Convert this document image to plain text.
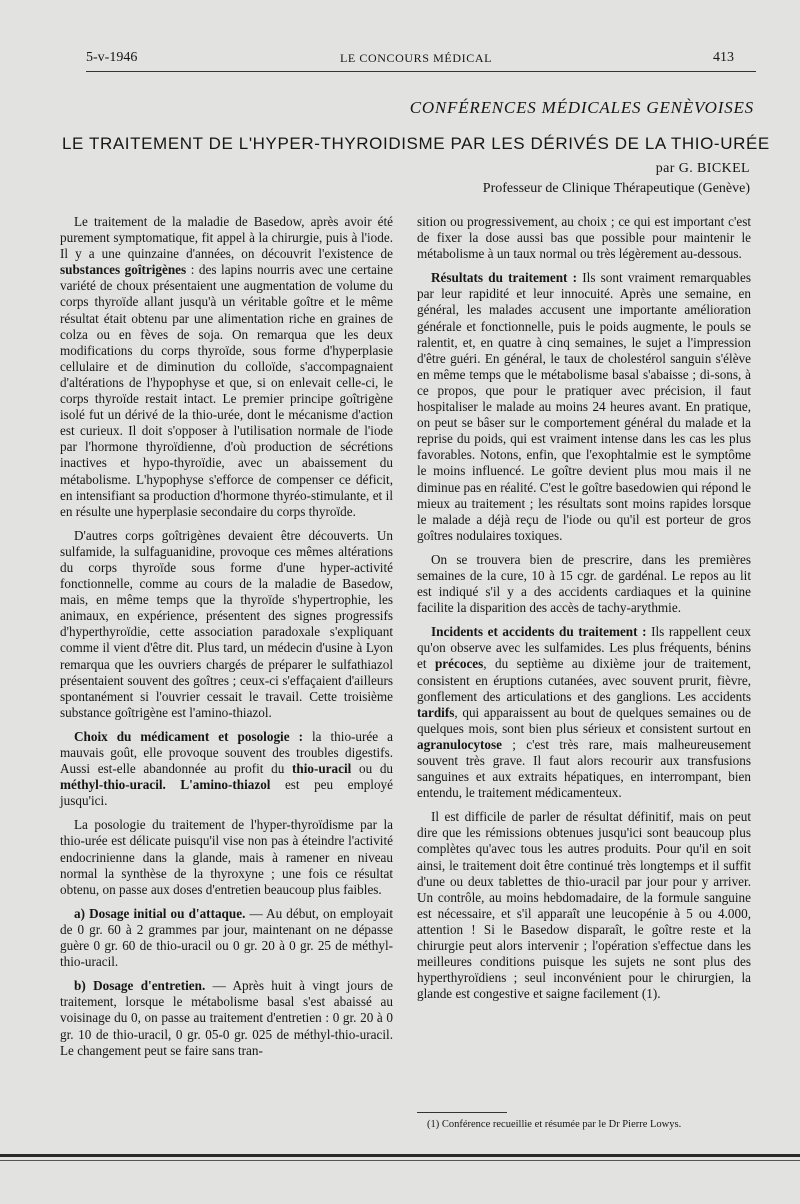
5-v-1946	LE CONCOURS MÉDICAL	413
CONFÉRENCES MÉDICALES GENÈVOISES
LE TRAITEMENT DE L'HYPER-THYROIDISME PAR LES DÉRIVÉS DE LA THIO-URÉE
par G. BICKEL
Professeur de Clinique Thérapeutique (Genève)

Le traitement de la maladie de Basedow, après avoir été purement symptomatique, fit appel à la chirurgie, puis à l'iode. Il y a une quinzaine d'années, on découvrit l'existence de substances goîtrigènes : des lapins nourris avec une certaine variété de choux présentaient une augmentation de volume du corps thyroïde allant jusqu'à un véritable goître et le même résultat était obtenu par une alimentation riche en graines de colza ou en fèves de soja. On remarqua que les deux modifications du corps thyroïde, sous forme d'hyperplasie cellulaire et de diminution du colloïde, s'accompagnaient d'altérations de l'hypophyse et que, si on enlevait celle-ci, le corps thyroïde restait intact. Le premier principe goîtrigène isolé fut un dérivé de la thio-urée, dont le mécanisme d'action est curieux. Il doit s'opposer à l'utilisation normale de l'iode par l'hormone thyroïdienne, d'où production de sécrétions inactives et hypo-thyroïdie, avec un abaissement du métabolisme. L'hypophyse s'efforce de compenser ce déficit, en intensifiant sa production d'hormone thyréo-stimulante, et il en résulte une hyperplasie secondaire du corps thyroïde.

D'autres corps goîtrigènes devaient être découverts. Un sulfamide, la sulfaguanidine, provoque ces mêmes altérations du corps thyroïde sous forme d'une hyper-activité fonctionnelle, comme au cours de la maladie de Basedow, mais, en même temps que la thyroïde s'hypertrophie, les animaux, en expérience, présentent des signes progressifs d'hyperthyroïdie, cette association paradoxale s'expliquant comme il vient d'être dit. Plus tard, un médecin d'usine à Lyon remarqua que les ouvriers chargés de préparer le sulfathiazol présentaient souvent des goîtres ; ceux-ci s'effaçaient d'ailleurs spontanément si l'ouvrier cessait le travail. Cette troisième substance goîtrigène est l'amino-thiazol.

Choix du médicament et posologie : la thio-urée a mauvais goût, elle provoque souvent des troubles digestifs. Aussi est-elle abandonnée au profit du thio-uracil ou du méthyl-thio-uracil. L'amino-thiazol est peu employé jusqu'ici.

La posologie du traitement de l'hyper-thyroïdisme par la thio-urée est délicate puisqu'il vise non pas à éteindre l'activité endocrinienne dans la glande, mais à ramener en niveau normal la synthèse de la thyroxyne ; une fois ce résultat obtenu, on passe aux doses d'entretien beaucoup plus faibles.

a) Dosage initial ou d'attaque. — Au début, on employait de 0 gr. 60 à 2 grammes par jour, maintenant on ne dépasse guère 0 gr. 60 de thio-uracil ou 0 gr. 20 à 0 gr. 25 de méthyl-thio-uracil.

b) Dosage d'entretien. — Après huit à vingt jours de traitement, lorsque le métabolisme basal s'est abaissé au voisinage du 0, on passe au traitement d'entretien : 0 gr. 20 à 0 gr. 10 de thio-uracil, 0 gr. 05-0 gr. 025 de méthyl-thio-uracil. Le changement peut se faire sans tran-

sition ou progressivement, au choix ; ce qui est important c'est de fixer la dose aussi bas que possible pour maintenir le métabolisme à un taux normal ou très légèrement au-dessous.

Résultats du traitement : Ils sont vraiment remarquables par leur rapidité et leur innocuité. Après une semaine, en général, les malades accusent une importante amélioration générale et fonctionnelle, puis le poids augmente, le pouls se ralentit, et, en quatre à cinq semaines, le sujet a l'impression d'être guéri. En général, le taux de cholestérol sanguin s'élève en même temps que le métabolisme basal s'abaisse ; di-sons, à ce propos, que pour le pratiquer avec précision, il faut hospitaliser le malade au moins 24 heures avant. En pratique, on peut se bâser sur le comportement général du malade et la reprise du poids, qui est vraiment intense dans les cas les plus favorables. Notons, enfin, que l'exophtalmie est le symptôme le moins influencé. Le goître devient plus mou mais il ne diminue pas en réalité. C'est le goître basedowien qui répond le mieux au traitement ; les résultats sont moins rapides lorsque le malade a déjà reçu de l'iode ou qu'il est porteur de gros goîtres nodulaires toxiques.

On se trouvera bien de prescrire, dans les premières semaines de la cure, 10 à 15 cgr. de gardénal. Le repos au lit est indiqué s'il y a des accidents cardiaques et la quinine facilite la disparition des accès de tachy-arythmie.

Incidents et accidents du traitement : Ils rappellent ceux qu'on observe avec les sulfamides. Les plus fréquents, bénins et précoces, du septième au dixième jour de traitement, consistent en éruptions cutanées, avec souvent prurit, fièvre, gonflement des articulations et des ganglions. Les accidents tardifs, qui apparaissent au bout de quelques semaines ou de quelques mois, sont bien plus sérieux et consistent surtout en agranulocytose ; c'est très rare, mais malheureusement souvent très grave. Il faut alors recourir aux transfusions sanguines et aux extraits hépatiques, en interrompant, bien entendu, le traitement médicamenteux.

Il est difficile de parler de résultat définitif, mais on peut dire que les rémissions obtenues jusqu'ici sont beaucoup plus complètes qu'avec tous les autres produits. Pour qu'il en soit ainsi, le traitement doit être continué très longtemps et il suffit d'une ou deux tablettes de thio-uracil par jour pour y arriver. Un contrôle, au moins hebdomadaire, de la formule sanguine est nécessaire, et s'il apparaît une leucopénie à 5 ou 4.000, attention ! Si le Basedow disparaît, le goître reste et la chirurgie peut alors intervenir ; l'opération s'effectue dans les meilleures conditions puisque les sujets ne sont plus des hyperthyroïdiens ; seul inconvénient pour le chirurgien, la glande est congestive et saigne facilement (1).

(1) Conférence recueillie et résumée par le Dr Pierre Lowys.
